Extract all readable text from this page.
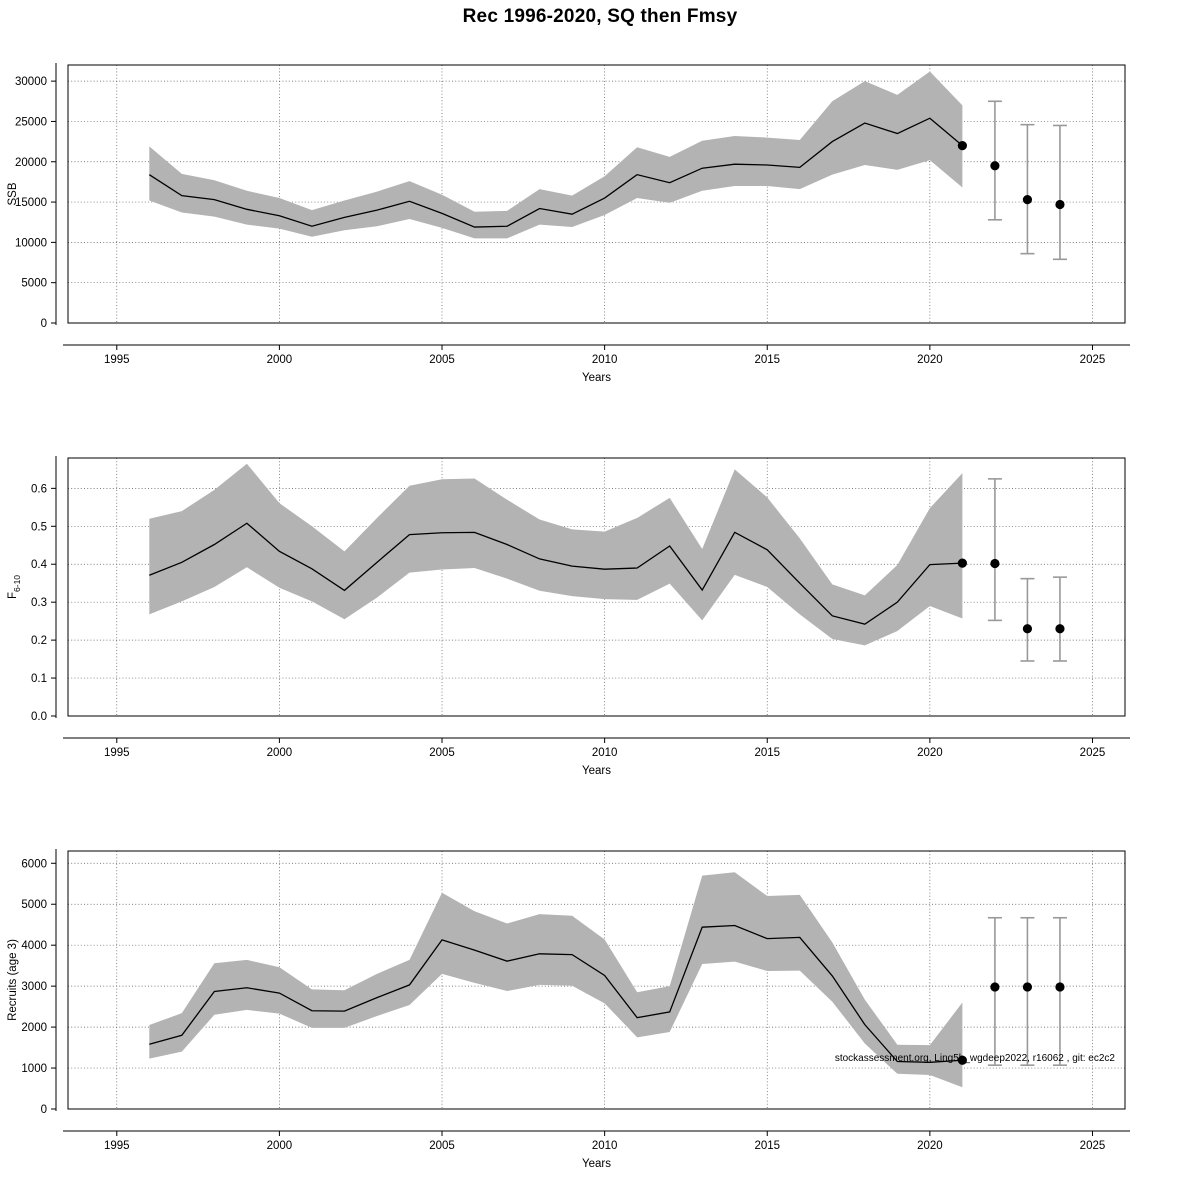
Rec 1996-2020, SQ then Fmsy
1995	2000	2005	2010	2015	2020	2025
0
5000
10000
15000
20000
25000
30000
Years
SSB
1995	2000	2005	2010	2015	2020	2025
0.0
0.1
0.2
0.3
0.4
0.5
0.6
Years
$F_{6-10}$
1995	2000	2005	2010	2015	2020	2025
0
1000
2000
3000
4000
5000
6000
Years
Recruits (age 3)
stockassessment.org, Ling5b_wgdeep2022, r16062 , git: ec2c2
